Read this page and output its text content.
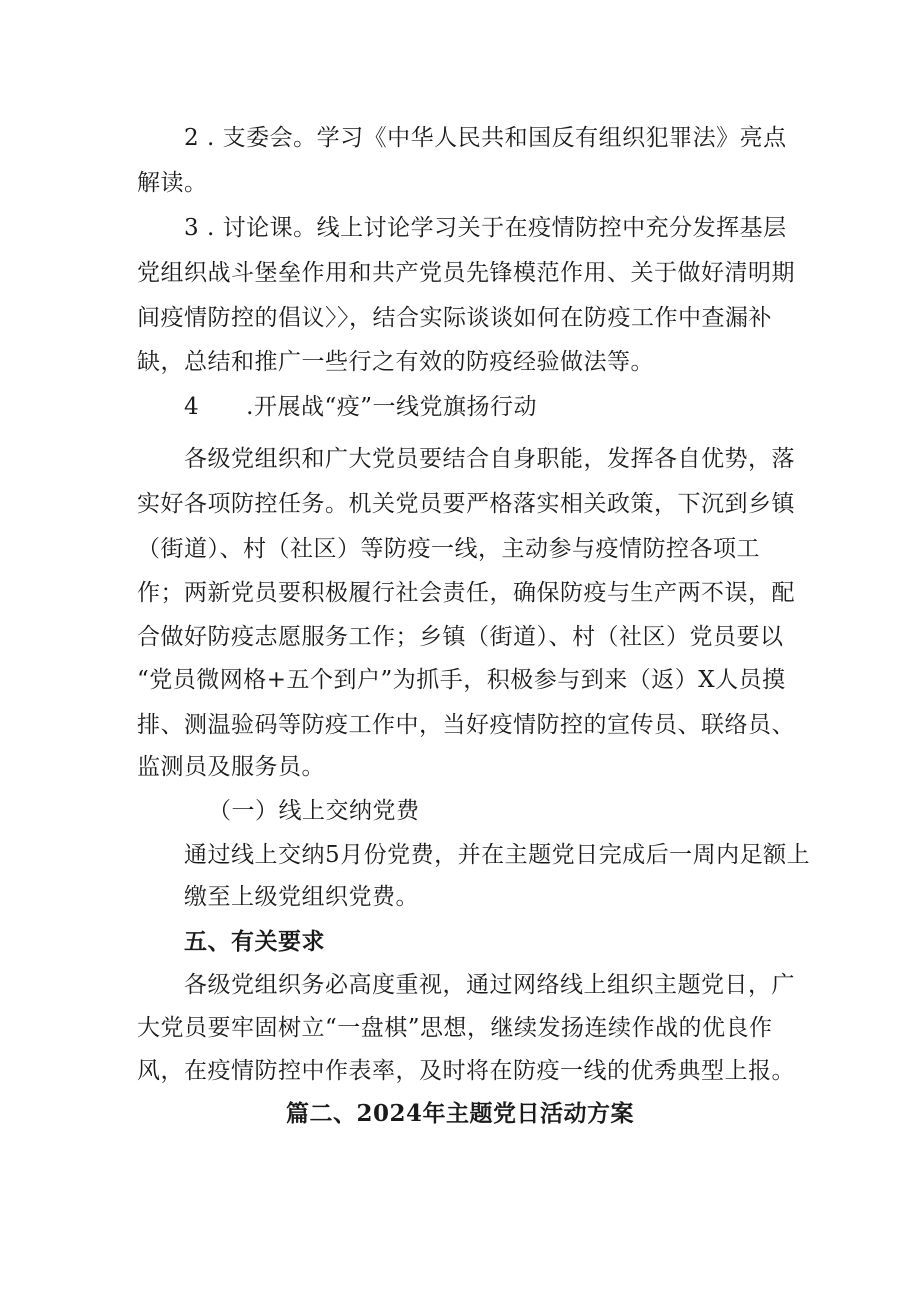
2 . 支委会。学习《中华人民共和国反有组织犯罪法》亮点
解读。
3 . 讨论课。线上讨论学习关于在疫情防控中充分发挥基层
党组织战斗堡垒作用和共产党员先锋模范作用、关于做好清明期
间疫情防控的倡议〉〉，结合实际谈谈如何在防疫工作中查漏补
缺，总结和推广一些行之有效的防疫经验做法等。
4　　.开展战“疫”一线党旗扬行动
各级党组织和广大党员要结合自身职能，发挥各自优势，落
实好各项防控任务。机关党员要严格落实相关政策，下沉到乡镇
（街道）、村（社区）等防疫一线，主动参与疫情防控各项工
作；两新党员要积极履行社会责任，确保防疫与生产两不误，配
合做好防疫志愿服务工作；乡镇（街道）、村（社区）党员要以
“党员微网格+五个到户”为抓手，积极参与到来（返）X人员摸
排、测温验码等防疫工作中，当好疫情防控的宣传员、联络员、
监测员及服务员。
（一）线上交纳党费
通过线上交纳5月份党费，并在主题党日完成后一周内足额上
缴至上级党组织党费。
五、有关要求
各级党组织务必高度重视，通过网络线上组织主题党日，广
大党员要牢固树立“一盘棋”思想，继续发扬连续作战的优良作
风，在疫情防控中作表率，及时将在防疫一线的优秀典型上报。
篇二、2024年主题党日活动方案
